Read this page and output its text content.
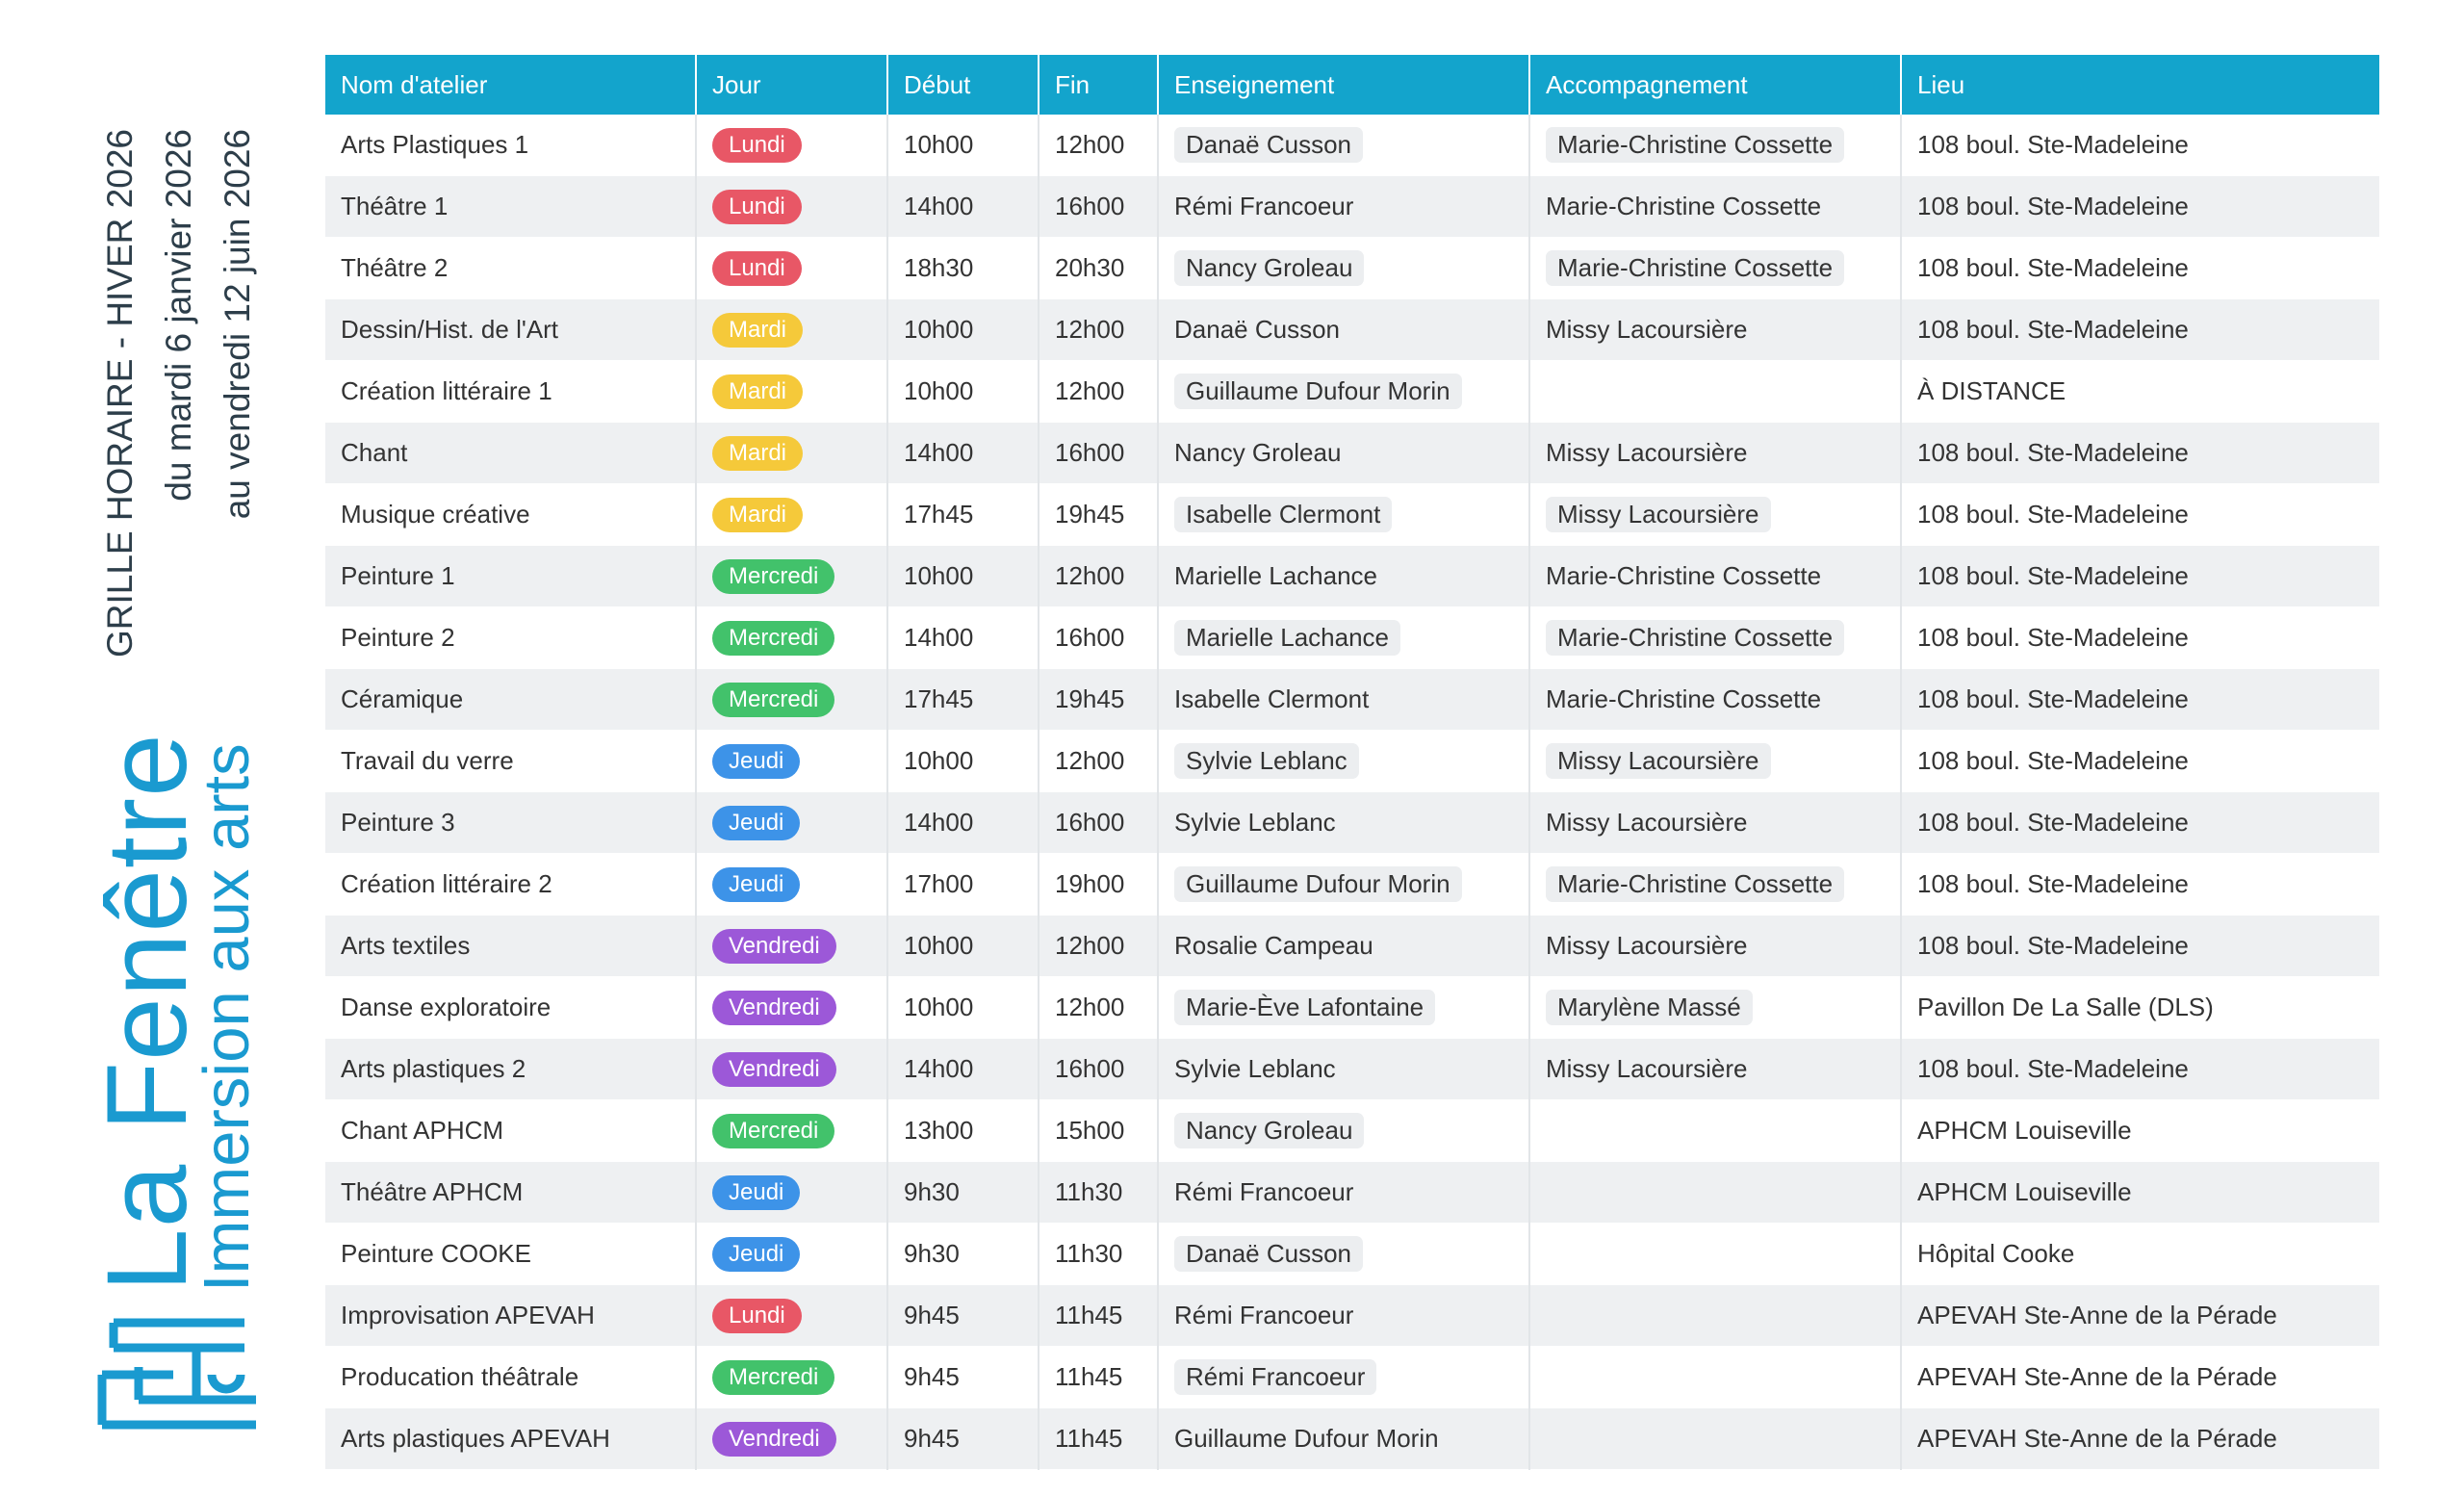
GRILLE HORAIRE - HIVER 2026 du mardi 6 janvier 2026 au vendredi 12 juin 2026
La Fenêtre
Immersion aux arts
Nom d'atelier	Jour	Début	Fin	Enseignement	Accompagnement	Lieu
Arts Plastiques 1	Lundi	10h00	12h00	Danaë Cusson	Marie-Christine Cossette	108 boul. Ste-Madeleine
Théâtre 1	Lundi	14h00	16h00	Rémi Francoeur	Marie-Christine Cossette	108 boul. Ste-Madeleine
Théâtre 2	Lundi	18h30	20h30	Nancy Groleau	Marie-Christine Cossette	108 boul. Ste-Madeleine
Dessin/Hist. de l'Art	Mardi	10h00	12h00	Danaë Cusson	Missy Lacoursière	108 boul. Ste-Madeleine
Création littéraire 1	Mardi	10h00	12h00	Guillaume Dufour Morin		À DISTANCE
Chant	Mardi	14h00	16h00	Nancy Groleau	Missy Lacoursière	108 boul. Ste-Madeleine
Musique créative	Mardi	17h45	19h45	Isabelle Clermont	Missy Lacoursière	108 boul. Ste-Madeleine
Peinture 1	Mercredi	10h00	12h00	Marielle Lachance	Marie-Christine Cossette	108 boul. Ste-Madeleine
Peinture 2	Mercredi	14h00	16h00	Marielle Lachance	Marie-Christine Cossette	108 boul. Ste-Madeleine
Céramique	Mercredi	17h45	19h45	Isabelle Clermont	Marie-Christine Cossette	108 boul. Ste-Madeleine
Travail du verre	Jeudi	10h00	12h00	Sylvie Leblanc	Missy Lacoursière	108 boul. Ste-Madeleine
Peinture 3	Jeudi	14h00	16h00	Sylvie Leblanc	Missy Lacoursière	108 boul. Ste-Madeleine
Création littéraire 2	Jeudi	17h00	19h00	Guillaume Dufour Morin	Marie-Christine Cossette	108 boul. Ste-Madeleine
Arts textiles	Vendredi	10h00	12h00	Rosalie Campeau	Missy Lacoursière	108 boul. Ste-Madeleine
Danse exploratoire	Vendredi	10h00	12h00	Marie-Ève Lafontaine	Marylène Massé	Pavillon De La Salle (DLS)
Arts plastiques 2	Vendredi	14h00	16h00	Sylvie Leblanc	Missy Lacoursière	108 boul. Ste-Madeleine
Chant APHCM	Mercredi	13h00	15h00	Nancy Groleau		APHCM Louiseville
Théâtre APHCM	Jeudi	9h30	11h30	Rémi Francoeur		APHCM Louiseville
Peinture COOKE	Jeudi	9h30	11h30	Danaë Cusson		Hôpital Cooke
Improvisation APEVAH	Lundi	9h45	11h45	Rémi Francoeur		APEVAH Ste-Anne de la Pérade
Producation théâtrale	Mercredi	9h45	11h45	Rémi Francoeur		APEVAH Ste-Anne de la Pérade
Arts plastiques APEVAH	Vendredi	9h45	11h45	Guillaume Dufour Morin		APEVAH Ste-Anne de la Pérade
